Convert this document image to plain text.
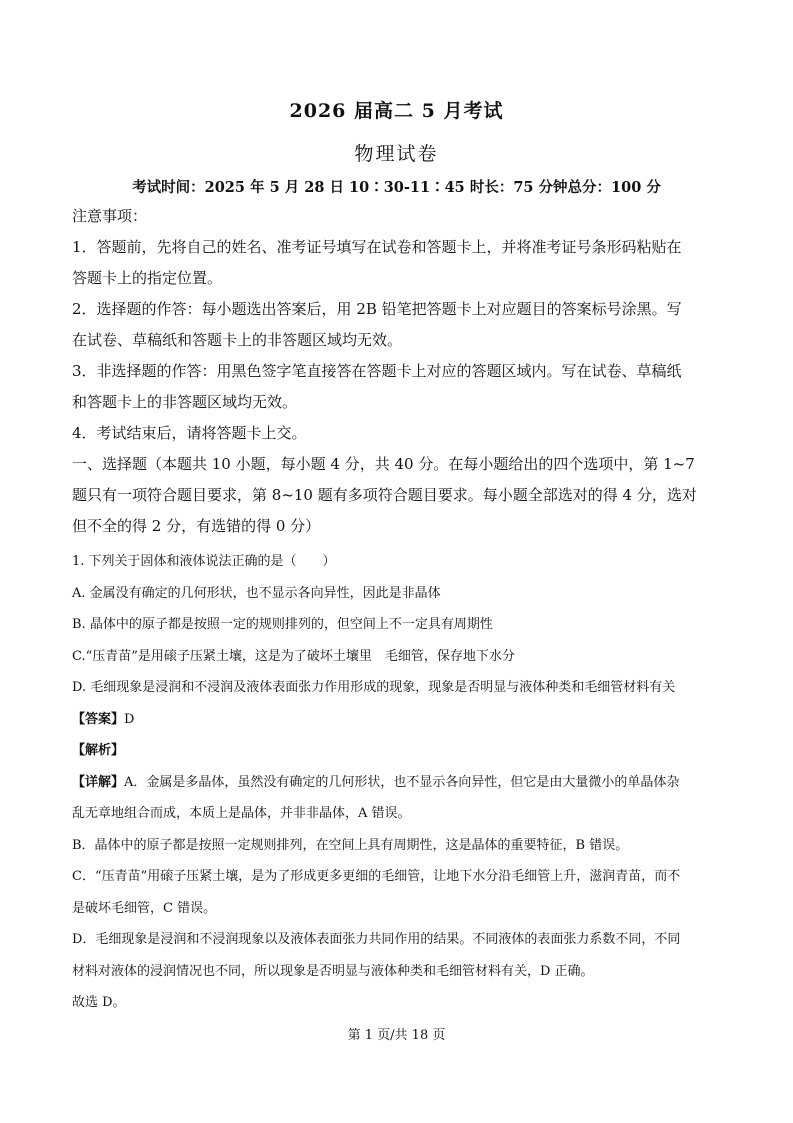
2026 届高二 5 月考试
物理试卷
考试时间：2025 年 5 月 28 日 10∶30-11∶45 时长：75 分钟总分：100 分
注意事项：
1．答题前，先将自己的姓名、准考证号填写在试卷和答题卡上，并将准考证号条形码粘贴在
答题卡上的指定位置。
2．选择题的作答：每小题选出答案后，用 2B 铅笔把答题卡上对应题目的答案标号涂黑。写
在试卷、草稿纸和答题卡上的非答题区域均无效。
3．非选择题的作答：用黑色签字笔直接答在答题卡上对应的答题区域内。写在试卷、草稿纸
和答题卡上的非答题区域均无效。
4．考试结束后，请将答题卡上交。
一、选择题（本题共 10 小题，每小题 4 分，共 40 分。在每小题给出的四个选项中，第 1~7
题只有一项符合题目要求，第 8~10 题有多项符合题目要求。每小题全部选对的得 4 分，选对
但不全的得 2 分，有选错的得 0 分）
1. 下列关于固体和液体说法正确的是（　　）
A. 金属没有确定的几何形状，也不显示各向异性，因此是非晶体
B. 晶体中的原子都是按照一定的规则排列的，但空间上不一定具有周期性
C.“压青苗”是用磙子压紧土壤，这是为了破坏土壤里　毛细管，保存地下水分
D. 毛细现象是浸润和不浸润及液体表面张力作用形成的现象，现象是否明显与液体种类和毛细管材料有关
【答案】D
【解析】
【详解】A．金属是多晶体，虽然没有确定的几何形状，也不显示各向异性，但它是由大量微小的单晶体杂
乱无章地组合而成，本质上是晶体，并非非晶体，A 错误。
B．晶体中的原子都是按照一定规则排列，在空间上具有周期性，这是晶体的重要特征，B 错误。
C．“压青苗”用磙子压紧土壤，是为了形成更多更细的毛细管，让地下水分沿毛细管上升，滋润青苗，而不
是破坏毛细管，C 错误。
D．毛细现象是浸润和不浸润现象以及液体表面张力共同作用的结果。不同液体的表面张力系数不同，不同
材料对液体的浸润情况也不同，所以现象是否明显与液体种类和毛细管材料有关，D 正确。
故选 D。
第 1 页/共 18 页
